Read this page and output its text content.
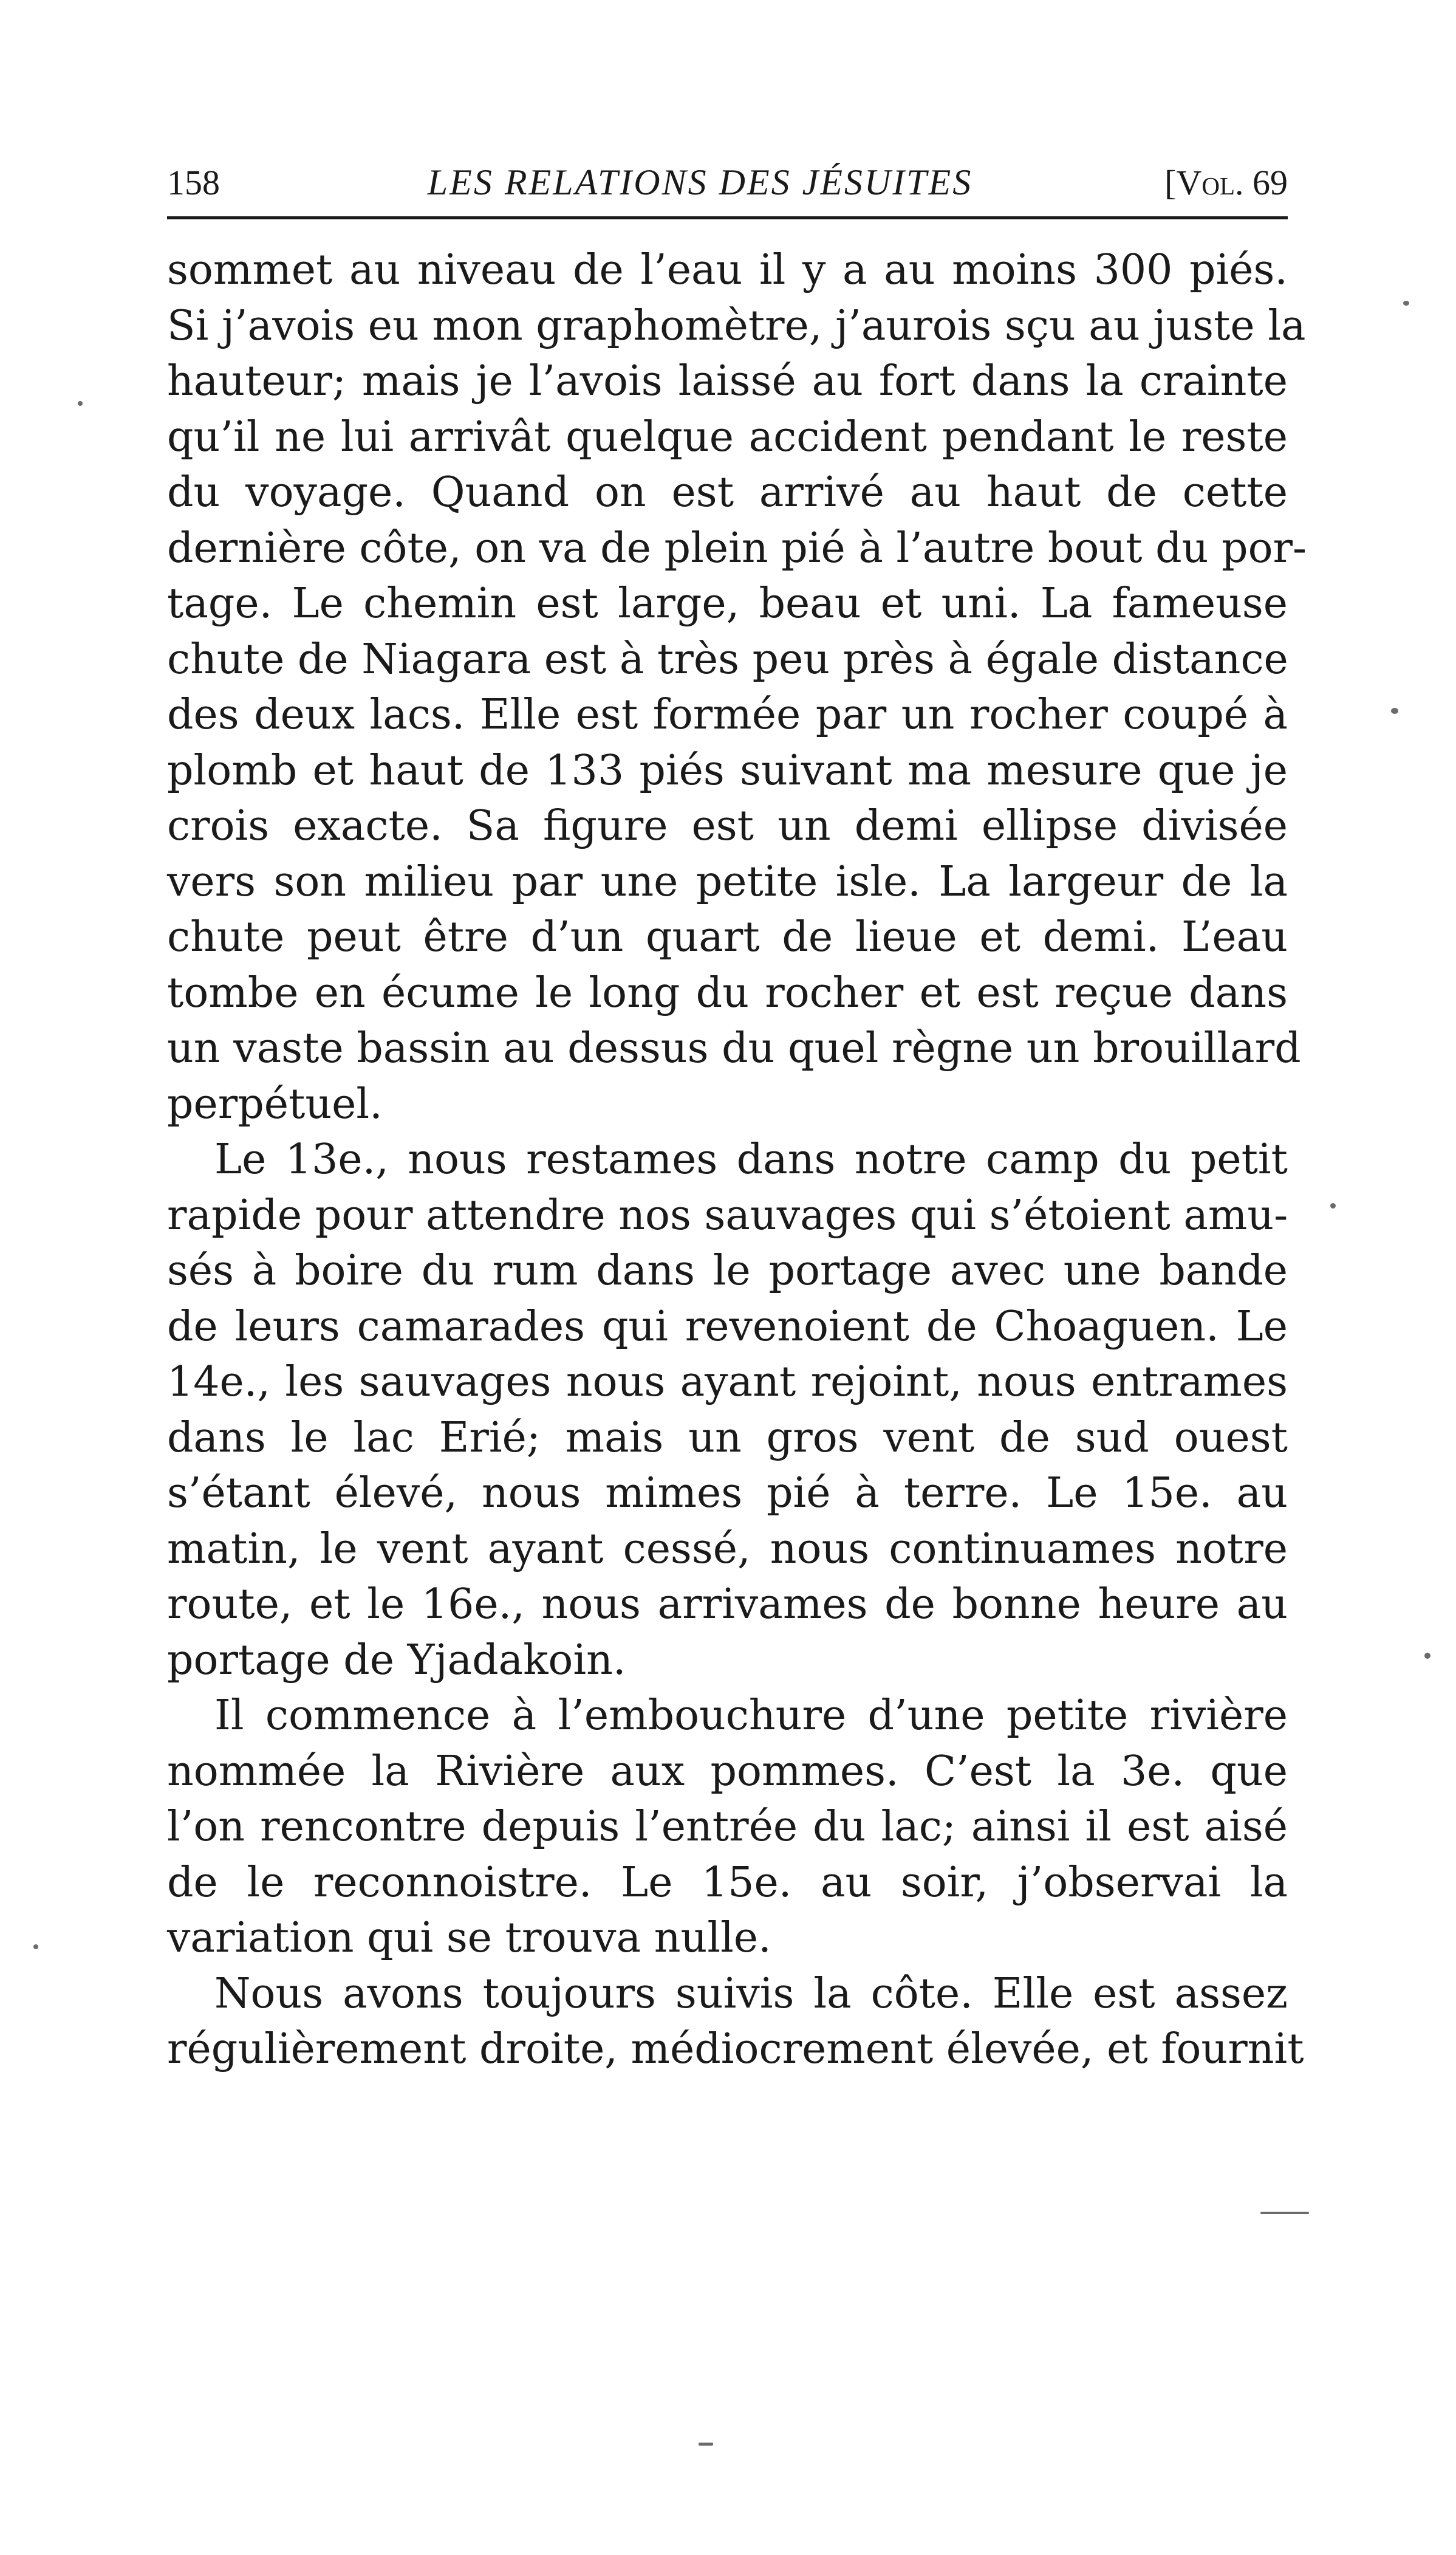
158	LES RELATIONS DES JÉSUITES	[Vol. 69
sommet au niveau de l’eau il y a au moins 300 piés.
Si j’avois eu mon graphomètre, j’aurois sçu au juste la
hauteur; mais je l’avois laissé au fort dans la crainte
qu’il ne lui arrivât quelque accident pendant le reste
du voyage. Quand on est arrivé au haut de cette
dernière côte, on va de plein pié à l’autre bout du por-
tage. Le chemin est large, beau et uni. La fameuse
chute de Niagara est à très peu près à égale distance
des deux lacs. Elle est formée par un rocher coupé à
plomb et haut de 133 piés suivant ma mesure que je
crois exacte. Sa figure est un demi ellipse divisée
vers son milieu par une petite isle. La largeur de la
chute peut être d’un quart de lieue et demi. L’eau
tombe en écume le long du rocher et est reçue dans
un vaste bassin au dessus du quel règne un brouillard
perpétuel.
Le 13e., nous restames dans notre camp du petit
rapide pour attendre nos sauvages qui s’étoient amu-
sés à boire du rum dans le portage avec une bande
de leurs camarades qui revenoient de Choaguen. Le
14e., les sauvages nous ayant rejoint, nous entrames
dans le lac Erié; mais un gros vent de sud ouest
s’étant élevé, nous mimes pié à terre. Le 15e. au
matin, le vent ayant cessé, nous continuames notre
route, et le 16e., nous arrivames de bonne heure au
portage de Yjadakoin.
Il commence à l’embouchure d’une petite rivière
nommée la Rivière aux pommes. C’est la 3e. que
l’on rencontre depuis l’entrée du lac; ainsi il est aisé
de le reconnoistre. Le 15e. au soir, j’observai la
variation qui se trouva nulle.
Nous avons toujours suivis la côte. Elle est assez
régulièrement droite, médiocrement élevée, et fournit
